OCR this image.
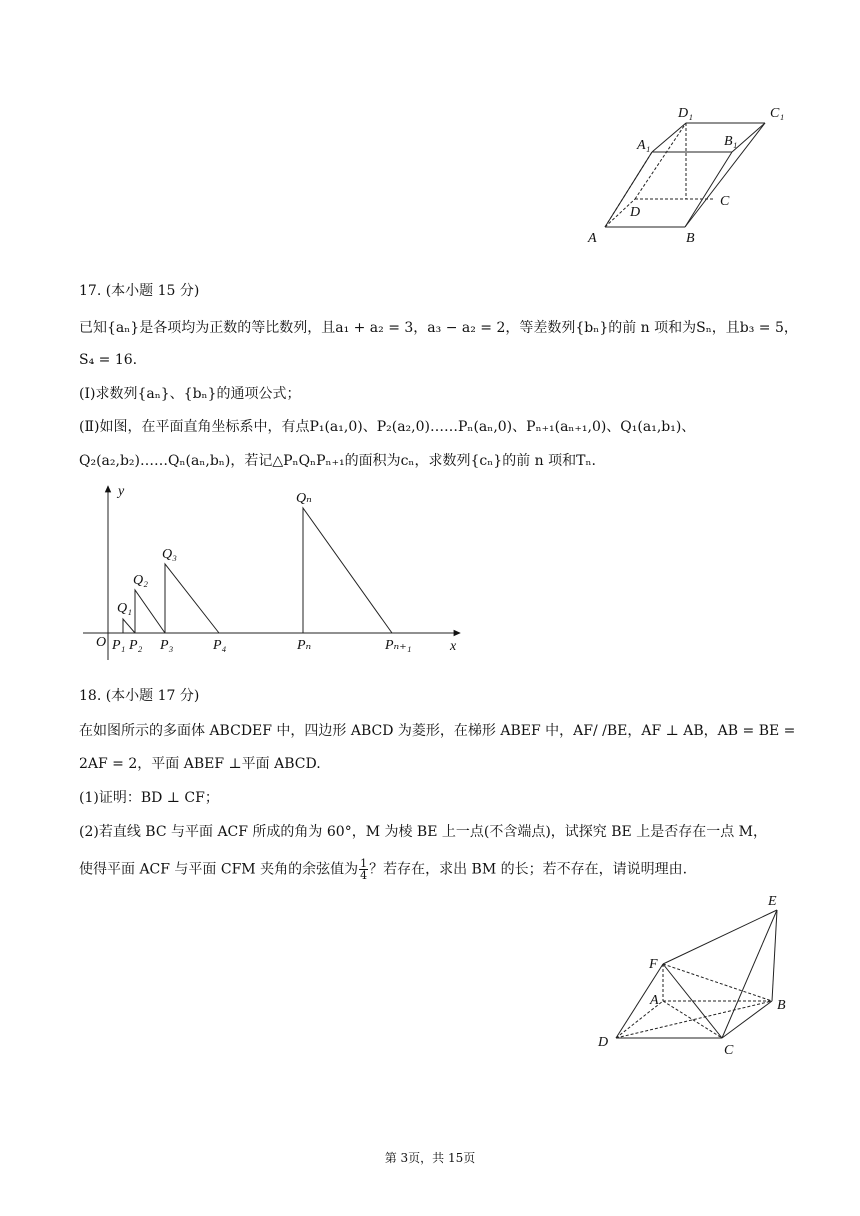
D₁	C₁
A₁	B₁
D
C
A	B
17. (本小题 15 分)
已知{aₙ}是各项均为正数的等比数列，且a₁ + a₂ = 3，a₃ − a₂ = 2，等差数列{bₙ}的前 n 项和为Sₙ，且b₃ = 5，
S₄ = 16.
(Ⅰ)求数列{aₙ}、{bₙ}的通项公式；
(Ⅱ)如图，在平面直角坐标系中，有点P₁(a₁,0)、P₂(a₂,0)……Pₙ(aₙ,0)、Pₙ₊₁(aₙ₊₁,0)、Q₁(a₁,b₁)、
Q₂(a₂,b₂)……Qₙ(aₙ,bₙ)，若记△PₙQₙPₙ₊₁的面积为cₙ，求数列{cₙ}的前 n 项和Tₙ.
y
x
O
Q₁
Q₂
Q₃
Qₙ
P₁ P₂ P₃	P₄	Pₙ	Pₙ₊₁
18. (本小题 17 分)
在如图所示的多面体 ABCDEF 中，四边形 ABCD 为菱形，在梯形 ABEF 中，AF/ /BE，AF ⊥ AB，AB = BE =
2AF = 2，平面 ABEF ⊥平面 ABCD.
(1)证明：BD ⊥ CF；
(2)若直线 BC 与平面 ACF 所成的角为 60°，M 为棱 BE 上一点(不含端点)，试探究 BE 上是否存在一点 M，
使得平面 ACF 与平面 CFM 夹角的余弦值为 $\frac{1}{4}$ ？若存在，求出 BM 的长；若不存在，请说明理由.
E
F
A	B
D
C
第 3页，共 15页
